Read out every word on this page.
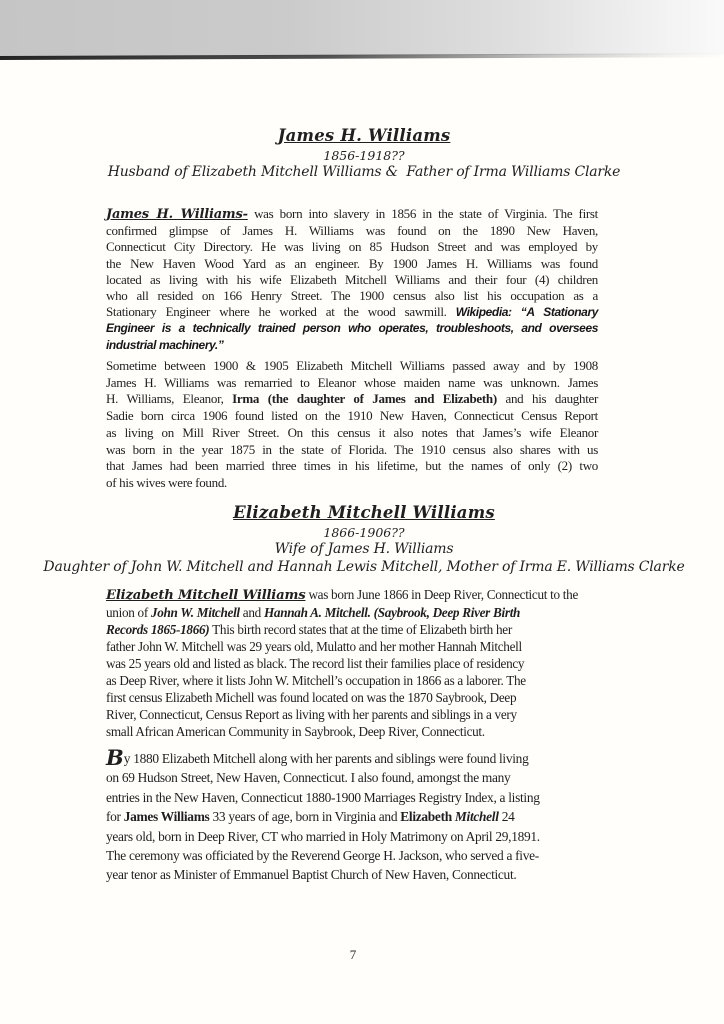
James H. Williams
1856-1918??
Husband of Elizabeth Mitchell Williams &  Father of Irma Williams Clarke
Elizabeth Mitchell Williams
1866-1906??
Wife of James H. Williams
Daughter of John W. Mitchell and Hannah Lewis Mitchell, Mother of Irma E. Williams Clarke
James H. Williams- was born into slavery in 1856 in the state of Virginia. The first
confirmed glimpse of James H. Williams was found on the 1890 New Haven,
Connecticut City Directory. He was living on 85 Hudson Street and was employed by
the New Haven Wood Yard as an engineer. By 1900 James H. Williams was found
located as living with his wife Elizabeth Mitchell Williams and their four (4) children
who all resided on 166 Henry Street. The 1900 census also list his occupation as a
Stationary Engineer where he worked at the wood sawmill. Wikipedia: “A Stationary
Engineer is a technically trained person who operates, troubleshoots, and oversees
industrial machinery.”
Sometime between 1900 & 1905 Elizabeth Mitchell Williams passed away and by 1908
James H. Williams was remarried to Eleanor whose maiden name was unknown. James
H. Williams, Eleanor, Irma (the daughter of James and Elizabeth) and his daughter
Sadie born circa 1906 found listed on the 1910 New Haven, Connecticut Census Report
as living on Mill River Street. On this census it also notes that James’s wife Eleanor
was born in the year 1875 in the state of Florida. The 1910 census also shares with us
that James had been married three times in his lifetime, but the names of only (2) two
of his wives were found.
Elizabeth Mitchell Williams was born June 1866 in Deep River, Connecticut to the
union of John W. Mitchell and Hannah A. Mitchell. (Saybrook, Deep River Birth
Records 1865-1866) This birth record states that at the time of Elizabeth birth her
father John W. Mitchell was 29 years old, Mulatto and her mother Hannah Mitchell
was 25 years old and listed as black. The record list their families place of residency
as Deep River, where it lists John W. Mitchell’s occupation in 1866 as a laborer. The
first census Elizabeth Michell was found located on was the 1870 Saybrook, Deep
River, Connecticut, Census Report as living with her parents and siblings in a very
small African American Community in Saybrook, Deep River, Connecticut.
By 1880 Elizabeth Mitchell along with her parents and siblings were found living
on 69 Hudson Street, New Haven, Connecticut. I also found, amongst the many
entries in the New Haven, Connecticut 1880-1900 Marriages Registry Index, a listing
for James Williams 33 years of age, born in Virginia and Elizabeth Mitchell 24
years old, born in Deep River, CT who married in Holy Matrimony on April 29,1891.
The ceremony was officiated by the Reverend George H. Jackson, who served a five-
year tenor as Minister of Emmanuel Baptist Church of New Haven, Connecticut.
7
